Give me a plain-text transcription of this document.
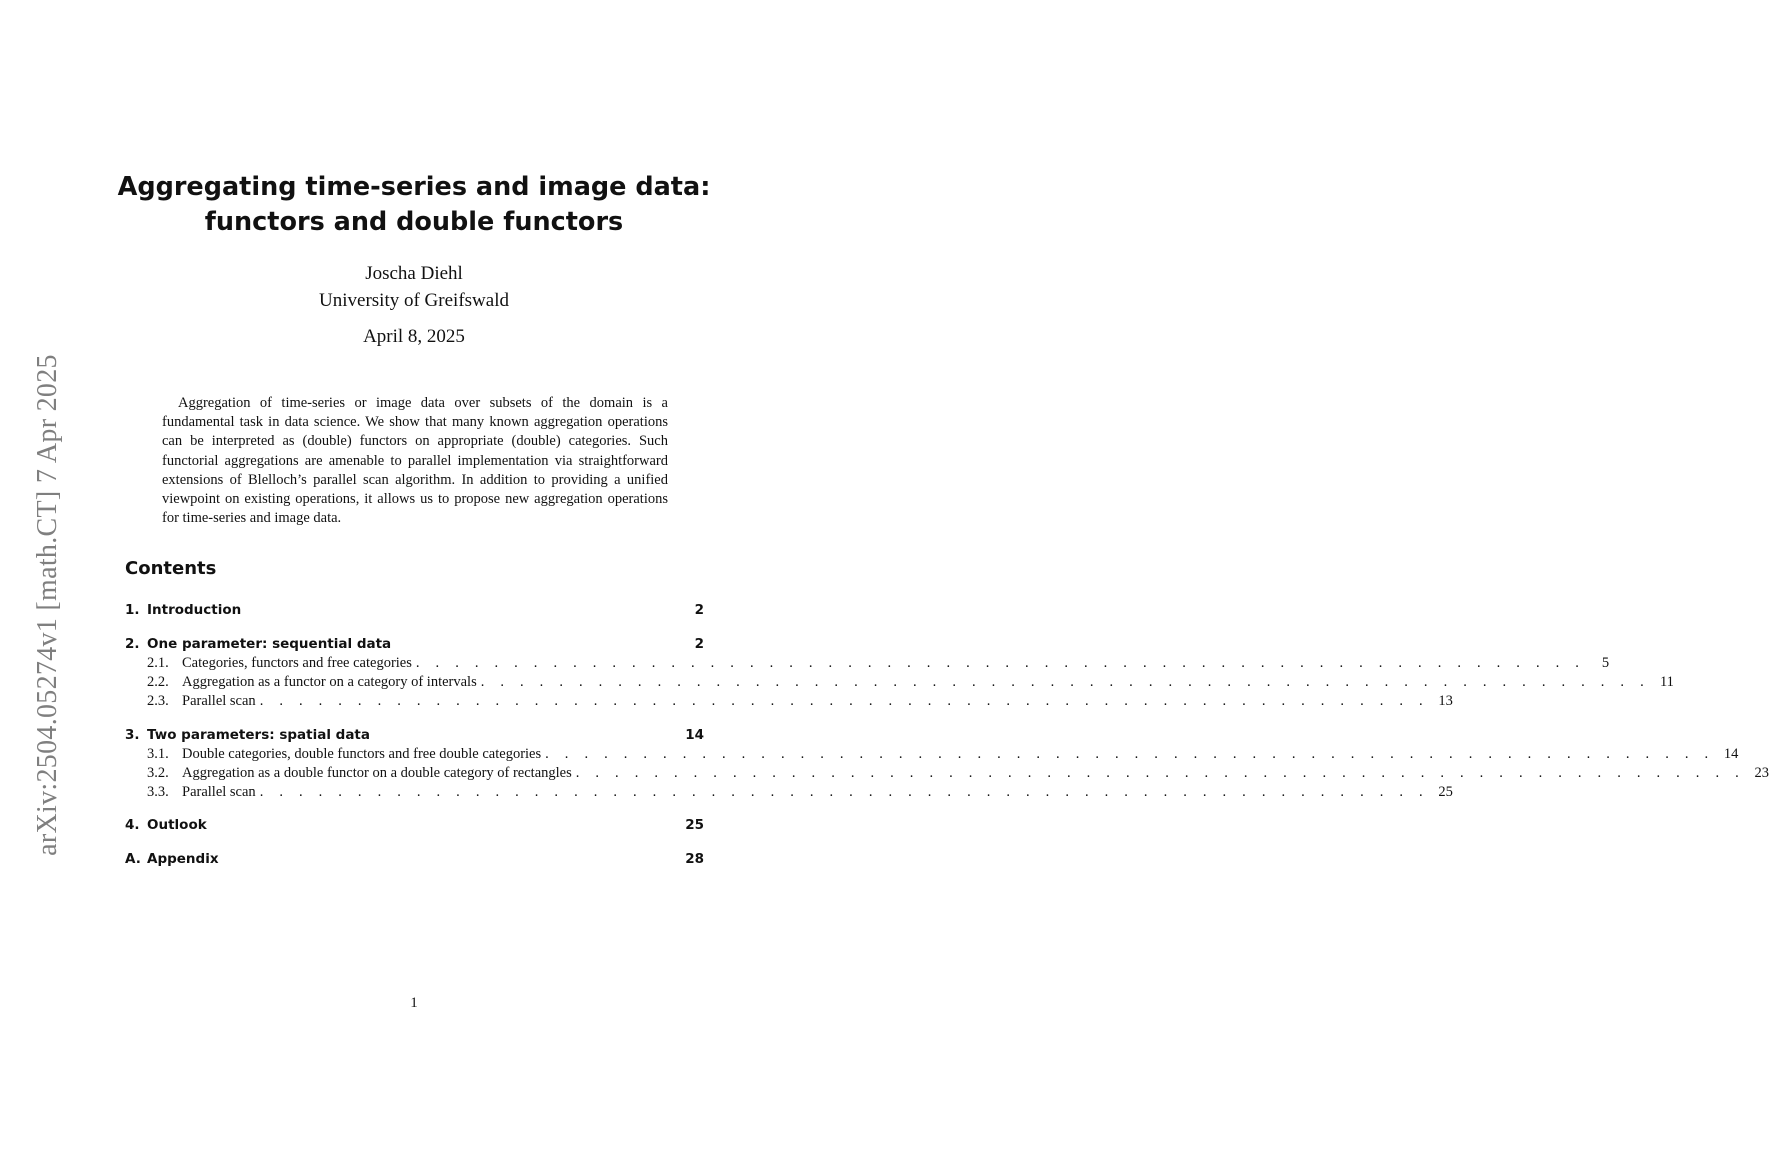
arXiv:2504.05274v1 [math.CT] 7 Apr 2025
Aggregating time-series and image data:
functors and double functors
Joscha Diehl
University of Greifswald
April 8, 2025
Aggregation of time-series or image data over subsets of the domain is a fundamental task in data science. We show that many known aggregation operations can be interpreted as (double) functors on appropriate (double) categories. Such functorial aggregations are amenable to parallel implementation via straightforward extensions of Blelloch’s parallel scan algorithm. In addition to providing a unified viewpoint on existing operations, it allows us to propose new aggregation operations for time-series and image data.
Contents
1. Introduction	2
2. One parameter: sequential data	2
2.1. Categories, functors and free categories . . . . . . . . . . . . . . . . . . . . . . . . . . . . . . . . . . . . . . . . . . . . . . . . . . . . . . . . . . . .	5
2.2. Aggregation as a functor on a category of intervals . . . . . . . . . . . . . . . . . . . . . . . . . . . . . . . . . . . . . . . . . . . . . . . . . . . . . . . . . . . . 11
2.3. Parallel scan . . . . . . . . . . . . . . . . . . . . . . . . . . . . . . . . . . . . . . . . . . . . . . . . . . . . . . . . . . . . 13
3. Two parameters: spatial data	14
3.1. Double categories, double functors and free double categories . . . . . . . . . . . . . . . . . . . . . . . . . . . . . . . . . . . . . . . . . . . . . . . . . . . . . . . . . . . . 14
3.2. Aggregation as a double functor on a double category of rectangles . . . . . . . . . . . . . . . . . . . . . . . . . . . . . . . . . . . . . . . . . . . . . . . . . . . . . . . . . . . . 23
3.3. Parallel scan . . . . . . . . . . . . . . . . . . . . . . . . . . . . . . . . . . . . . . . . . . . . . . . . . . . . . . . . . . . . 25
4. Outlook	25
A. Appendix	28
1
